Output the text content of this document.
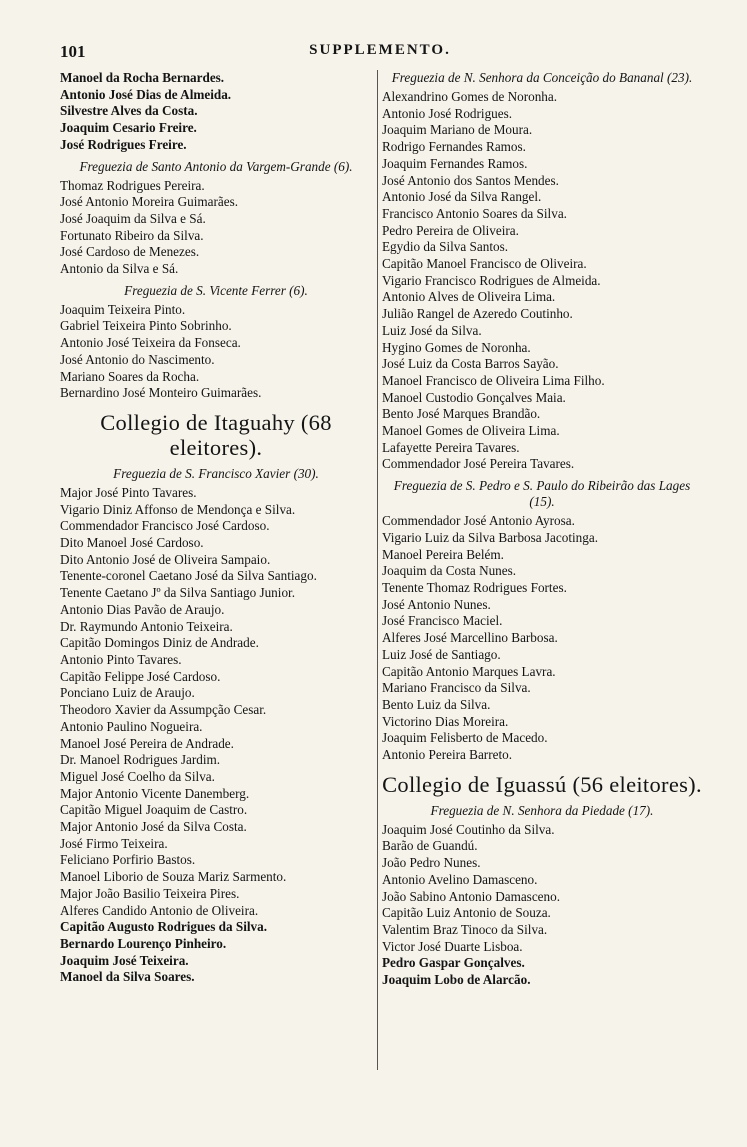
101	SUPPLEMENTO.
Manoel da Rocha Bernardes.
Antonio José Dias de Almeida.
Silvestre Alves da Costa.
Joaquim Cesario Freire.
José Rodrigues Freire.
Freguezia de Santo Antonio da Vargem-Grande (6).
Thomaz Rodrigues Pereira.
José Antonio Moreira Guimarães.
José Joaquim da Silva e Sá.
Fortunato Ribeiro da Silva.
José Cardoso de Menezes.
Antonio da Silva e Sá.
Freguezia de S. Vicente Ferrer (6).
Joaquim Teixeira Pinto.
Gabriel Teixeira Pinto Sobrinho.
Antonio José Teixeira da Fonseca.
José Antonio do Nascimento.
Mariano Soares da Rocha.
Bernardino José Monteiro Guimarães.
Collegio de Itaguahy (68 eleitores).
Freguezia de S. Francisco Xavier (30).
Major José Pinto Tavares.
Vigario Diniz Affonso de Mendonça e Silva.
Commendador Francisco José Cardoso.
Dito Manoel José Cardoso.
Dito Antonio José de Oliveira Sampaio.
Tenente-coronel Caetano José da Silva Santiago.
Tenente Caetano Jº da Silva Santiago Junior.
Antonio Dias Pavão de Araujo.
Dr. Raymundo Antonio Teixeira.
Capitão Domingos Diniz de Andrade.
Antonio Pinto Tavares.
Capitão Felippe José Cardoso.
Ponciano Luiz de Araujo.
Theodoro Xavier da Assumpção Cesar.
Antonio Paulino Nogueira.
Manoel José Pereira de Andrade.
Dr. Manoel Rodrigues Jardim.
Miguel José Coelho da Silva.
Major Antonio Vicente Danemberg.
Capitão Miguel Joaquim de Castro.
Major Antonio José da Silva Costa.
José Firmo Teixeira.
Feliciano Porfirio Bastos.
Manoel Liborio de Souza Mariz Sarmento.
Major João Basilio Teixeira Pires.
Alferes Candido Antonio de Oliveira.
Capitão Augusto Rodrigues da Silva.
Bernardo Lourenço Pinheiro.
Joaquim José Teixeira.
Manoel da Silva Soares.
Freguezia de N. Senhora da Conceição do Bananal (23).
Alexandrino Gomes de Noronha.
Antonio José Rodrigues.
Joaquim Mariano de Moura.
Rodrigo Fernandes Ramos.
Joaquim Fernandes Ramos.
José Antonio dos Santos Mendes.
Antonio José da Silva Rangel.
Francisco Antonio Soares da Silva.
Pedro Pereira de Oliveira.
Egydio da Silva Santos.
Capitão Manoel Francisco de Oliveira.
Vigario Francisco Rodrigues de Almeida.
Antonio Alves de Oliveira Lima.
Julião Rangel de Azeredo Coutinho.
Luiz José da Silva.
Hygino Gomes de Noronha.
José Luiz da Costa Barros Sayão.
Manoel Francisco de Oliveira Lima Filho.
Manoel Custodio Gonçalves Maia.
Bento José Marques Brandão.
Manoel Gomes de Oliveira Lima.
Lafayette Pereira Tavares.
Commendador José Pereira Tavares.
Freguezia de S. Pedro e S. Paulo do Ribeirão das Lages (15).
Commendador José Antonio Ayrosa.
Vigario Luiz da Silva Barbosa Jacotinga.
Manoel Pereira Belém.
Joaquim da Costa Nunes.
Tenente Thomaz Rodrigues Fortes.
José Antonio Nunes.
José Francisco Maciel.
Alferes José Marcellino Barbosa.
Luiz José de Santiago.
Capitão Antonio Marques Lavra.
Mariano Francisco da Silva.
Bento Luiz da Silva.
Victorino Dias Moreira.
Joaquim Felisberto de Macedo.
Antonio Pereira Barreto.
Collegio de Iguassú (56 eleitores).
Freguezia de N. Senhora da Piedade (17).
Joaquim José Coutinho da Silva.
Barão de Guandú.
João Pedro Nunes.
Antonio Avelino Damasceno.
João Sabino Antonio Damasceno.
Capitão Luiz Antonio de Souza.
Valentim Braz Tinoco da Silva.
Victor José Duarte Lisboa.
Pedro Gaspar Gonçalves.
Joaquim Lobo de Alarcão.
